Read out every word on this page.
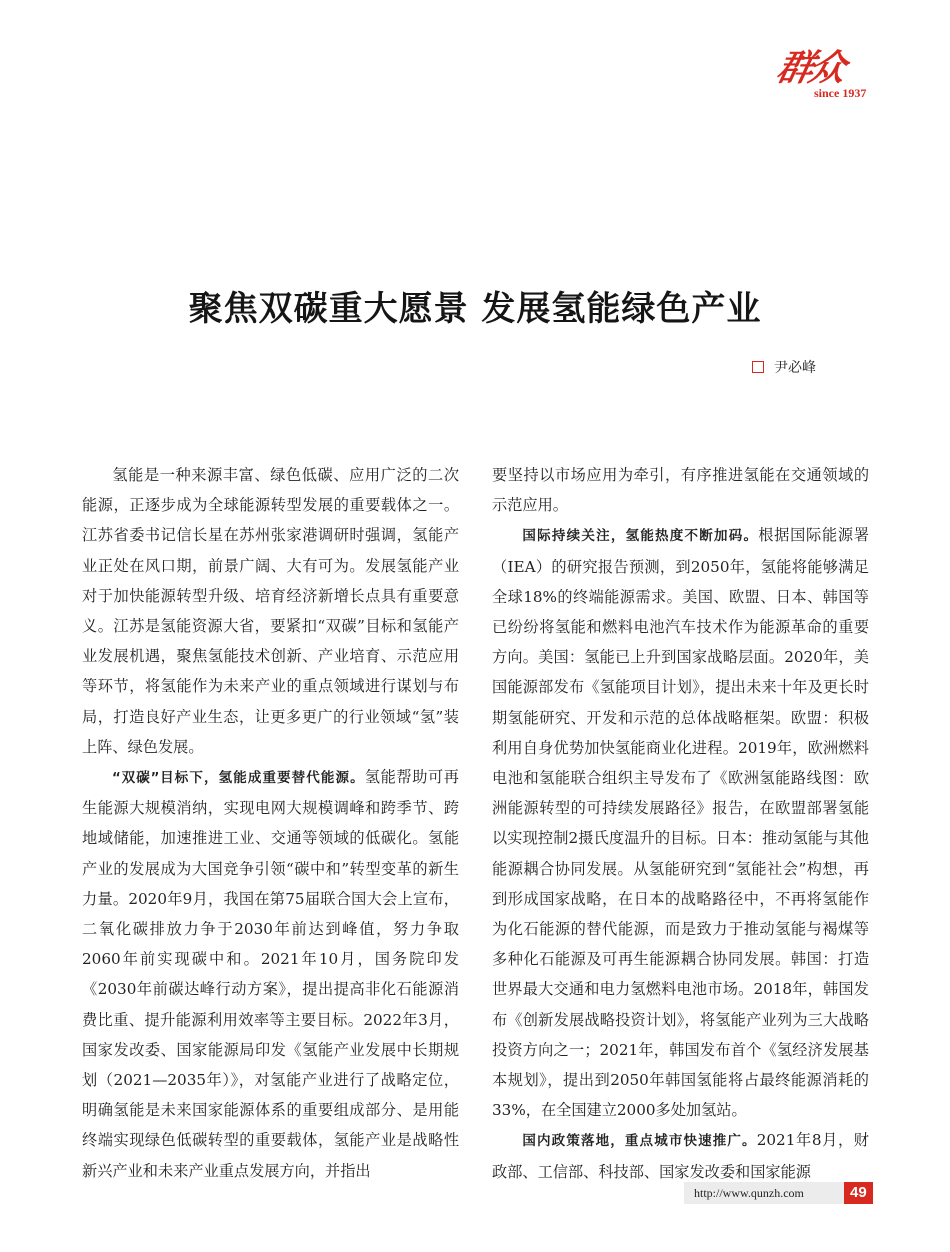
群众
since 1937
聚焦双碳重大愿景 发展氢能绿色产业
尹必峰

氢能是一种来源丰富、绿色低碳、应用广泛的二次能源，正逐步成为全球能源转型发展的重要载体之一。江苏省委书记信长星在苏州张家港调研时强调，氢能产业正处在风口期，前景广阔、大有可为。发展氢能产业对于加快能源转型升级、培育经济新增长点具有重要意义。江苏是氢能资源大省，要紧扣“双碳”目标和氢能产业发展机遇，聚焦氢能技术创新、产业培育、示范应用等环节，将氢能作为未来产业的重点领域进行谋划与布局，打造良好产业生态，让更多更广的行业领域“氢”装上阵、绿色发展。

“双碳”目标下，氢能成重要替代能源。氢能帮助可再生能源大规模消纳，实现电网大规模调峰和跨季节、跨地域储能，加速推进工业、交通等领域的低碳化。氢能产业的发展成为大国竞争引领“碳中和”转型变革的新生力量。2020年9月，我国在第75届联合国大会上宣布，二氧化碳排放力争于2030年前达到峰值，努力争取2060年前实现碳中和。2021年10月，国务院印发《2030年前碳达峰行动方案》，提出提高非化石能源消费比重、提升能源利用效率等主要目标。2022年3月，国家发改委、国家能源局印发《氢能产业发展中长期规划（2021—2035年）》，对氢能产业进行了战略定位，明确氢能是未来国家能源体系的重要组成部分、是用能终端实现绿色低碳转型的重要载体，氢能产业是战略性新兴产业和未来产业重点发展方向，并指出

要坚持以市场应用为牵引，有序推进氢能在交通领域的示范应用。

国际持续关注，氢能热度不断加码。根据国际能源署（IEA）的研究报告预测，到2050年，氢能将能够满足全球18%的终端能源需求。美国、欧盟、日本、韩国等已纷纷将氢能和燃料电池汽车技术作为能源革命的重要方向。美国：氢能已上升到国家战略层面。2020年，美国能源部发布《氢能项目计划》，提出未来十年及更长时期氢能研究、开发和示范的总体战略框架。欧盟：积极利用自身优势加快氢能商业化进程。2019年，欧洲燃料电池和氢能联合组织主导发布了《欧洲氢能路线图：欧洲能源转型的可持续发展路径》报告，在欧盟部署氢能以实现控制2摄氏度温升的目标。日本：推动氢能与其他能源耦合协同发展。从氢能研究到“氢能社会”构想，再到形成国家战略，在日本的战略路径中，不再将氢能作为化石能源的替代能源，而是致力于推动氢能与褐煤等多种化石能源及可再生能源耦合协同发展。韩国：打造世界最大交通和电力氢燃料电池市场。2018年，韩国发布《创新发展战略投资计划》，将氢能产业列为三大战略投资方向之一；2021年，韩国发布首个《氢经济发展基本规划》，提出到2050年韩国氢能将占最终能源消耗的33%，在全国建立2000多处加氢站。

国内政策落地，重点城市快速推广。2021年8月，财政部、工信部、科技部、国家发改委和国家能源

http://www.qunzh.com	49
